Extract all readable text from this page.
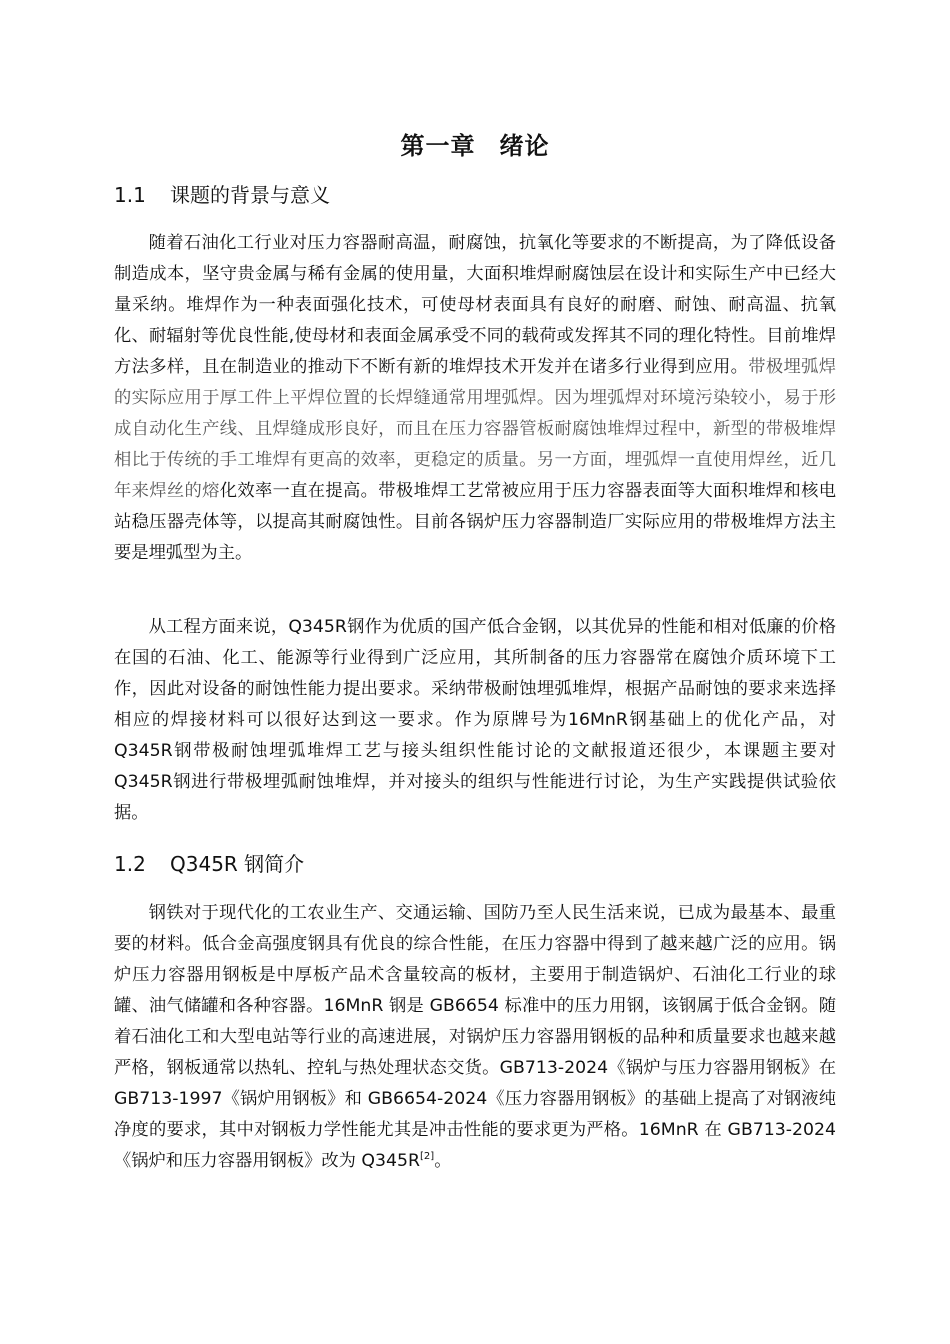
第一章 绪论
1.1 课题的背景与意义

随着石油化工行业对压力容器耐高温，耐腐蚀，抗氧化等要求的不断提高，为了降低设备制造成本，坚守贵金属与稀有金属的使用量，大面积堆焊耐腐蚀层在设计和实际生产中已经大量采纳。堆焊作为一种表面强化技术，可使母材表面具有良好的耐磨、耐蚀、耐高温、抗氧化、耐辐射等优良性能,使母材和表面金属承受不同的载荷或发挥其不同的理化特性。目前堆焊方法多样，且在制造业的推动下不断有新的堆焊技术开发并在诸多行业得到应用。带极埋弧焊的实际应用于厚工件上平焊位置的长焊缝通常用埋弧焊。因为埋弧焊对环境污染较小，易于形成自动化生产线、且焊缝成形良好，而且在压力容器管板耐腐蚀堆焊过程中，新型的带极堆焊相比于传统的手工堆焊有更高的效率，更稳定的质量。另一方面，埋弧焊一直使用焊丝，近几年来焊丝的熔化效率一直在提高。带极堆焊工艺常被应用于压力容器表面等大面积堆焊和核电站稳压器壳体等，以提高其耐腐蚀性。目前各锅炉压力容器制造厂实际应用的带极堆焊方法主要是埋弧型为主。

从工程方面来说，Q345R钢作为优质的国产低合金钢，以其优异的性能和相对低廉的价格在国的石油、化工、能源等行业得到广泛应用，其所制备的压力容器常在腐蚀介质环境下工作，因此对设备的耐蚀性能力提出要求。采纳带极耐蚀埋弧堆焊，根据产品耐蚀的要求来选择相应的焊接材料可以很好达到这一要求。作为原牌号为16MnR钢基础上的优化产品，对Q345R钢带极耐蚀埋弧堆焊工艺与接头组织性能讨论的文献报道还很少，本课题主要对Q345R钢进行带极埋弧耐蚀堆焊，并对接头的组织与性能进行讨论，为生产实践提供试验依据。

1.2 Q345R 钢简介

钢铁对于现代化的工农业生产、交通运输、国防乃至人民生活来说，已成为最基本、最重要的材料。低合金高强度钢具有优良的综合性能，在压力容器中得到了越来越广泛的应用。锅炉压力容器用钢板是中厚板产品术含量较高的板材，主要用于制造锅炉、石油化工行业的球罐、油气储罐和各种容器。16MnR 钢是 GB6654 标准中的压力用钢，该钢属于低合金钢。随着石油化工和大型电站等行业的高速进展，对锅炉压力容器用钢板的品种和质量要求也越来越严格，钢板通常以热轧、控轧与热处理状态交货。GB713-2024《锅炉与压力容器用钢板》在 GB713-1997《锅炉用钢板》和 GB6654-2024《压力容器用钢板》的基础上提高了对钢液纯净度的要求，其中对钢板力学性能尤其是冲击性能的要求更为严格。16MnR 在 GB713-2024《锅炉和压力容器用钢板》改为 Q345R[2]。
